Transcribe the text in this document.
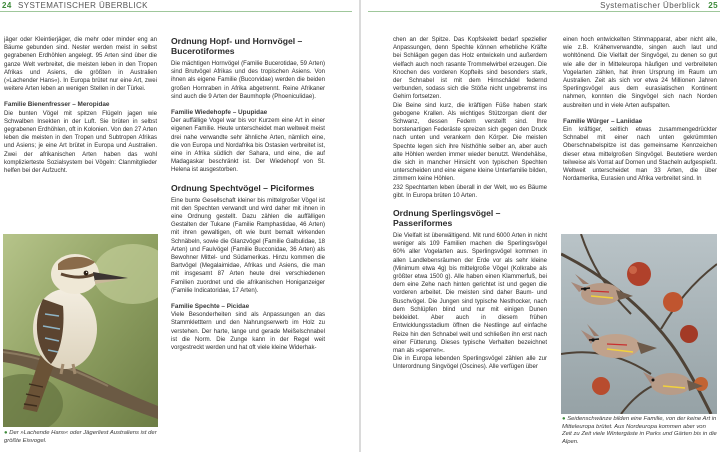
24 SYSTEMATISCHER ÜBERBLICK	Systematischer Überblick 25

jäger oder Kleintierjäger, die mehr oder minder eng an Bäume gebunden sind. Nester werden meist in selbst gegrabenen Erdhöhlen angelegt. 95 Arten sind über die ganze Welt verbreitet, die meisten leben in den Tropen Afrikas und Asiens, die größten in Australien (»Lachender Hans«). In Europa brütet nur eine Art, zwei weitere Arten leben an wenigen Stellen in der Türkei.

Familie Bienenfresser – Meropidae

Die bunten Vögel mit spitzen Flügeln jagen wie Schwalben Insekten in der Luft. Sie brüten in selbst gegrabenen Erdhöhlen, oft in Kolonien. Von den 27 Arten leben die meisten in den Tropen und Subtropen Afrikas und Asiens; je eine Art brütet in Europa und Australien. Zwei der afrikanischen Arten haben das wohl komplizierteste Sozialsystem bei Vögeln: Clanmitglieder helfen bei der Aufzucht.

● Der »Lachende Hans« oder Jägerliest Australiens ist der größte Eisvogel.
Ordnung Hopf- und Hornvögel – Bucerotiformes

Die mächtigen Hornvögel (Familie Bucerotidae, 59 Arten) sind Brutvögel Afrikas und des tropischen Asiens. Von ihnen als eigene Familie (Bucorvidae) werden die beiden großen Hornraben in Afrika abgetrennt. Reine Afrikaner sind auch die 9 Arten der Baumhopfe (Phoeniculidae).

Familie Wiedehopfe – Upupidae

Der auffällige Vogel war bis vor Kurzem eine Art in einer eigenen Familie. Heute unterscheidet man weltweit meist drei nahe verwandte sehr ähnliche Arten, nämlich eine, die von Europa und Nordafrika bis Ostasien verbreitet ist, eine in Afrika südlich der Sahara, und eine, die auf Madagaskar beschränkt ist. Der Wiedehopf von St. Helena ist ausgestorben.

Ordnung Spechtvögel – Piciformes

Eine bunte Gesellschaft kleiner bis mittelgroßer Vögel ist mit den Spechten verwandt und wird daher mit ihnen in eine Ordnung gestellt. Dazu zählen die auffälligen Gestalten der Tukane (Familie Ramphastidae, 46 Arten) mit ihren gewaltigen, oft wie bunt bemalt wirkenden Schnäbeln, sowie die Glanzvögel (Familie Galbulidae, 18 Arten) und Faulvögel (Familie Bucconidae, 36 Arten) als Bewohner Mittel- und Südamerikas. Hinzu kommen die Bartvögel (Megalaimidae, Afrikas und Asiens, die man mit insgesamt 87 Arten heute drei verschiedenen Familien zuordnet und die afrikanischen Honiganzeiger (Familie Indicatoridae, 17 Arten).

Familie Spechte – Picidae

Viele Besonderheiten sind als Anpassungen an das Stammkletttern und den Nahrungserwerb im Holz zu verstehen. Der harte, lange und gerade Meißelschnabel ist die Norm. Die Zunge kann in der Regel weit vorgestreckt werden und hat oft viele kleine Widerhak-

chen an der Spitze. Das Kopfskelett bedarf spezieller Anpassungen, denn Spechte können erhebliche Kräfte bei Schlägen gegen das Holz entwickeln und außerdem vielfach auch noch rasante Trommelwirbel erzeugen. Die Knochen des vorderen Kopfteils sind besonders stark, der Schnabel ist mit dem Hirnschädel federnd verbunden, sodass sich die Stöße nicht ungebremst ins Gehirn fortsetzen.

Die Beine sind kurz, die kräftigen Füße haben stark gebogene Krallen. Als wichtiges Stützorgan dient der Schwanz, dessen Federn versteift sind. Ihre borstenartigen Federäste spreizen sich gegen den Druck nach unten und verankern den Körper. Die meisten Spechte legen sich ihre Nisthöhle selber an, aber auch alte Höhlen werden immer wieder benutzt. Wendehälse, die sich in mancher Hinsicht von typischen Spechten unterscheiden und eine eigene kleine Unterfamilie bilden, zimmern keine Höhlen.

232 Spechtarten leben überall in der Welt, wo es Bäume gibt. In Europa brüten 10 Arten.

Ordnung Sperlingsvögel – Passeriformes

Die Vielfalt ist überwältigend. Mit rund 6000 Arten in nicht weniger als 109 Familien machen die Sperlingsvögel 60% aller Vogelarten aus. Sperlingsvögel kommen in allen Landlebensräumen der Erde vor als sehr kleine (Minimum etwa 4g) bis mittelgroße Vögel (Kolkrabe als größter etwa 1500 g). Alle haben einen Klammerfuß, bei dem eine Zehe nach hinten gerichtet ist und gegen die vorderen arbeitet. Die meisten sind daher Baum- und Buschvögel. Die Jungen sind typische Nesthocker, nach dem Schlüpfen blind und nur mit einigen Dunen bekleidet. Aber auch in diesem frühen Entwicklungsstadium öffnen die Nestlinge auf einfache Reize hin den Schnabel weit und schließen ihn erst nach einer Fütterung. Dieses typische Verhalten bezeichnet man als »sperren«.

Die in Europa lebenden Sperlingsvögel zählen alle zur Unterordnung Singvögel (Oscines). Alle verfügen über

einen hoch entwickelten Stimmapparat, aber nicht alle, wie z.B. Krähenverwandte, singen auch laut und wohltönend. Die Vielfalt der Singvögel, zu denen so gut wie alle der in Mitteleuropa häufigen und verbreiteten Vogelarten zählen, hat ihren Ursprung im Raum um Australien. Zeit als sich vor etwa 24 Millionen Jahren Sperlingsvögel aus dem eurasiatischen Kontinent nahmen, konnten die Singvögel sich nach Norden ausbreiten und in viele Arten aufspalten.

Familie Würger – Laniidae

Ein kräftiger, seitlich etwas zusammengedrückter Schnabel mit einer nach unten gekrümmten Oberschnabelspitze ist das gemeinsame Kennzeichen dieser etwa mittelgroßen Singvögel. Beutetiere werden teilweise als Vorrat auf Dornen und Stacheln aufgespießt. Weltweit unterscheidet man 33 Arten, die über Nordamerika, Eurasien und Afrika verbreitet sind. In

● Seidenschwänze bilden eine Familie, von der keine Art in Mitteleuropa brütet. Aus Nordeuropa kommen aber von Zeit zu Zeit viele Wintergäste in Parks und Gärten bis in die Alpen.
